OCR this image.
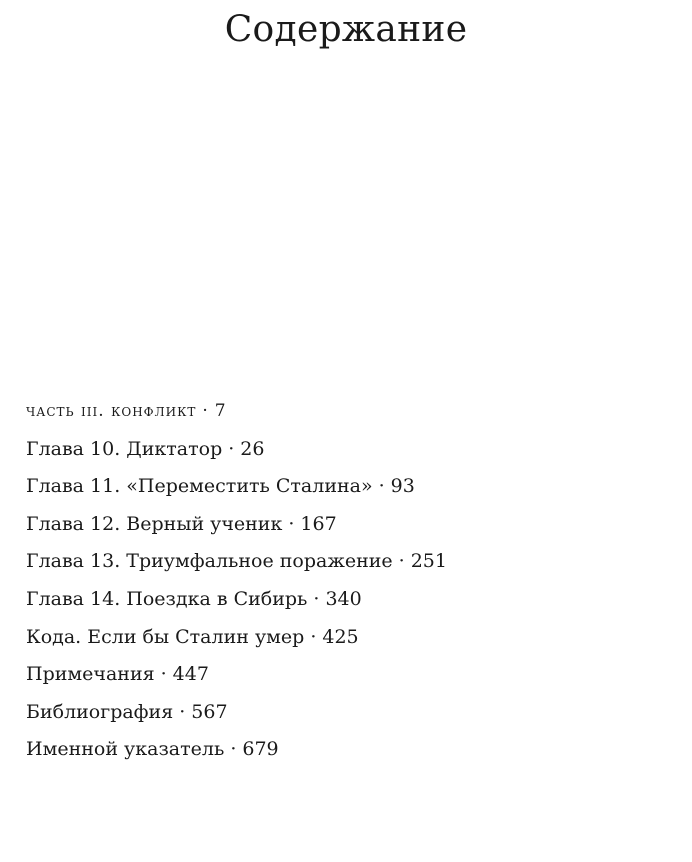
Содержание
часть iii. конфликт · 7
Глава 10. Диктатор · 26
Глава 11. «Переместить Сталина» · 93
Глава 12. Верный ученик · 167
Глава 13. Триумфальное поражение · 251
Глава 14. Поездка в Сибирь · 340
Кода. Если бы Сталин умер · 425
Примечания · 447
Библиография · 567
Именной указатель · 679
